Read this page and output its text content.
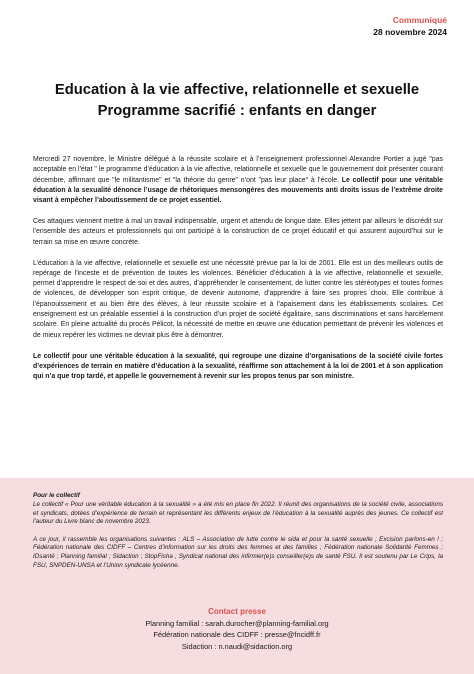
Communiqué
28 novembre 2024
Education à la vie affective, relationnelle et sexuelle
Programme sacrifié : enfants en danger

Mercredi 27 novembre, le Ministre délégué à la réussite scolaire et à l’enseignement professionnel Alexandre Portier a jugé "pas acceptable en l'état " le programme d’éducation à la vie affective, relationnelle et sexuelle que le gouvernement doit présenter courant décembre, affirmant que "le militantisme" et "la théorie du genre" n’ont "pas leur place" à l’école. Le collectif pour une véritable éducation à la sexualité dénonce l’usage de rhétoriques mensongères des mouvements anti droits issus de l’extrême droite visant à empêcher l’aboutissement de ce projet essentiel.

Ces attaques viennent mettre à mal un travail indispensable, urgent et attendu de longue date. Elles jettent par ailleurs le discrédit sur l’ensemble des acteurs et professionnels qui ont participé à la construction de ce projet éducatif et qui assurent aujourd’hui sur le terrain sa mise en œuvre concrète.

L’éducation à la vie affective, relationnelle et sexuelle est une nécessité prévue par la loi de 2001. Elle est un des meilleurs outils de repérage de l’inceste et de prévention de toutes les violences. Bénéficier d’éducation à la vie affective, relationnelle et sexuelle, permet d’apprendre le respect de soi et des autres, d’appréhender le consentement, de lutter contre les stéréotypes et toutes formes de violences, de développer son esprit critique, de devenir autonome, d’apprendre à faire ses propres choix. Elle contribue à l’épanouissement et au bien être des élèves, à leur réussite scolaire et à l’apaisement dans les établissements scolaires. Cet enseignement est un préalable essentiel à la construction d’un projet de société égalitaire, sans discriminations et sans harcèlement scolaire. En pleine actualité du procès Pélicot, la nécessité de mettre en œuvre une éducation permettant de prévenir les violences et de mieux repérer les victimes ne devrait plus être à démontrer.

Le collectif pour une véritable éducation à la sexualité, qui regroupe une dizaine d’organisations de la société civile fortes d’expériences de terrain en matière d’éducation à la sexualité, réaffirme son attachement à la loi de 2001 et à son application qui n’a que trop tardé, et appelle le gouvernement à revenir sur les propos tenus par son ministre.

Pour le collectif

Le collectif « Pour une véritable éducation à la sexualité » a été mis en place fin 2022. Il réunit des organisations de la société civile, associations et syndicats, dotées d’expérience de terrain et représentant les différents enjeux de l’éducation à la sexualité auprès des jeunes. Ce collectif est l’auteur du Livre blanc de novembre 2023.

A ce jour, il rassemble les organisations suivantes : ALS – Association de lutte contre le sida et pour la santé sexuelle ; Excision parlons-en ! ; Fédération nationale des CIDFF – Centres d’information sur les droits des femmes et des familles ; Fédération nationale Solidarité Femmes ; IDsanté ; Planning familial ; Sidaction ; StopFisha ; Syndicat national des infirmier(e)s conseiller(e)s de santé FSU. Il est soutenu par Le Crips, la FSU, SNPDEN-UNSA et l’Union syndicale lycéenne.

Contact presse
Planning familial : sarah.durocher@planning-familial.org
Fédération nationale des CIDFF : presse@fncidff.fr
Sidaction : n.naudi@sidaction.org
